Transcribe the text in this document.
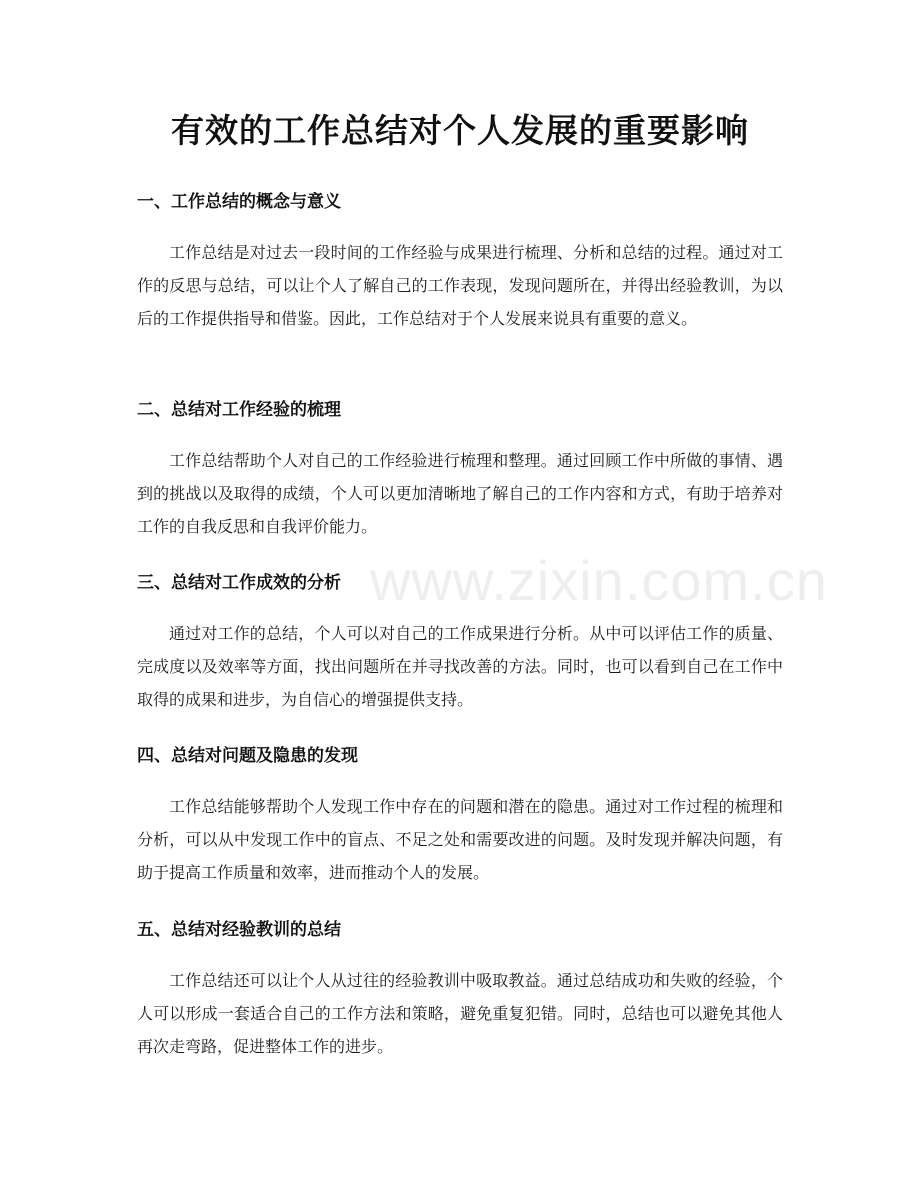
有效的工作总结对个人发展的重要影响
一、工作总结的概念与意义

工作总结是对过去一段时间的工作经验与成果进行梳理、分析和总结的过程。通过对工作的反思与总结，可以让个人了解自己的工作表现，发现问题所在，并得出经验教训，为以后的工作提供指导和借鉴。因此，工作总结对于个人发展来说具有重要的意义。

二、总结对工作经验的梳理

工作总结帮助个人对自己的工作经验进行梳理和整理。通过回顾工作中所做的事情、遇到的挑战以及取得的成绩，个人可以更加清晰地了解自己的工作内容和方式，有助于培养对工作的自我反思和自我评价能力。

三、总结对工作成效的分析

通过对工作的总结，个人可以对自己的工作成果进行分析。从中可以评估工作的质量、完成度以及效率等方面，找出问题所在并寻找改善的方法。同时，也可以看到自己在工作中取得的成果和进步，为自信心的增强提供支持。

四、总结对问题及隐患的发现

工作总结能够帮助个人发现工作中存在的问题和潜在的隐患。通过对工作过程的梳理和分析，可以从中发现工作中的盲点、不足之处和需要改进的问题。及时发现并解决问题，有助于提高工作质量和效率，进而推动个人的发展。

五、总结对经验教训的总结

工作总结还可以让个人从过往的经验教训中吸取教益。通过总结成功和失败的经验，个人可以形成一套适合自己的工作方法和策略，避免重复犯错。同时，总结也可以避免其他人再次走弯路，促进整体工作的进步。

www.zixin.com.cn
